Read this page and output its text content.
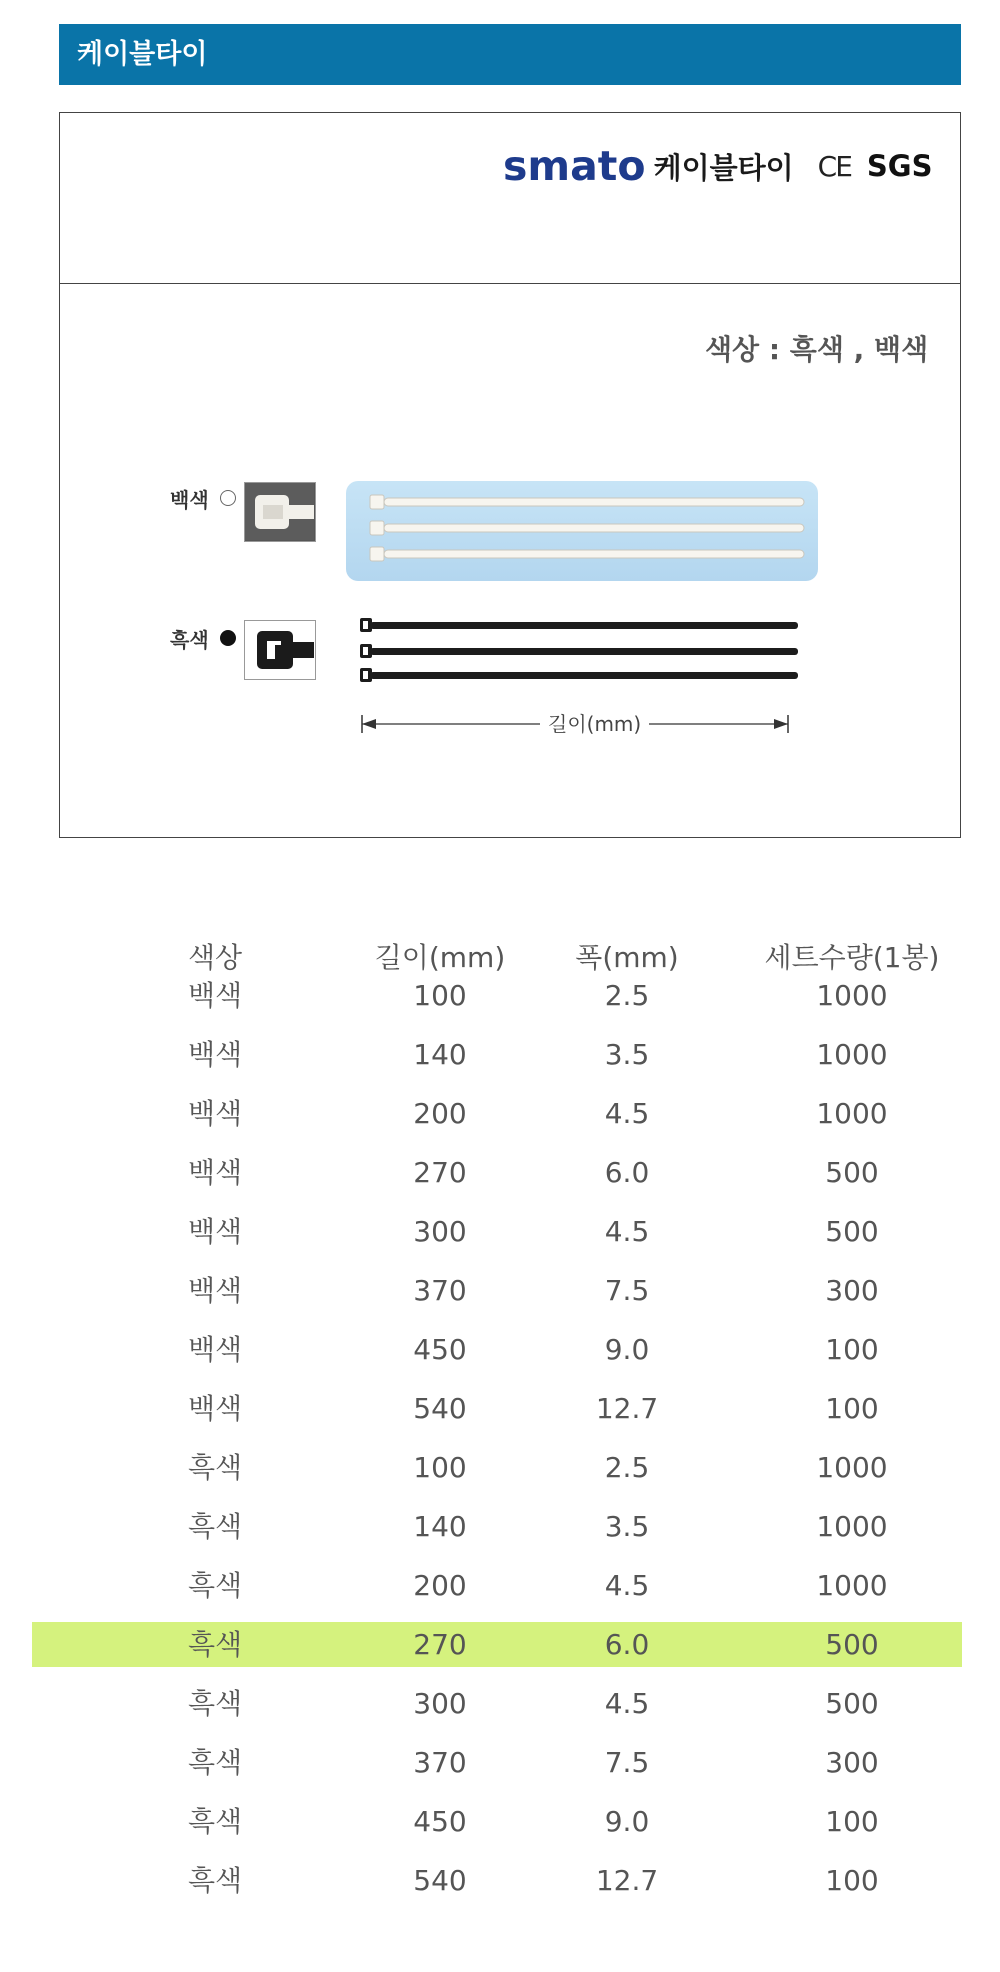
케이블타이
smato 케이블타이 CE SGS
색상 : 흑색 , 백색
백색
흑색
길이(mm)
색상	길이(mm)	폭(mm)	세트수량(1봉)
백색	100	2.5	1000
백색	140	3.5	1000
백색	200	4.5	1000
백색	270	6.0	500
백색	300	4.5	500
백색	370	7.5	300
백색	450	9.0	100
백색	540	12.7	100
흑색	100	2.5	1000
흑색	140	3.5	1000
흑색	200	4.5	1000
흑색	270	6.0	500
흑색	300	4.5	500
흑색	370	7.5	300
흑색	450	9.0	100
흑색	540	12.7	100
